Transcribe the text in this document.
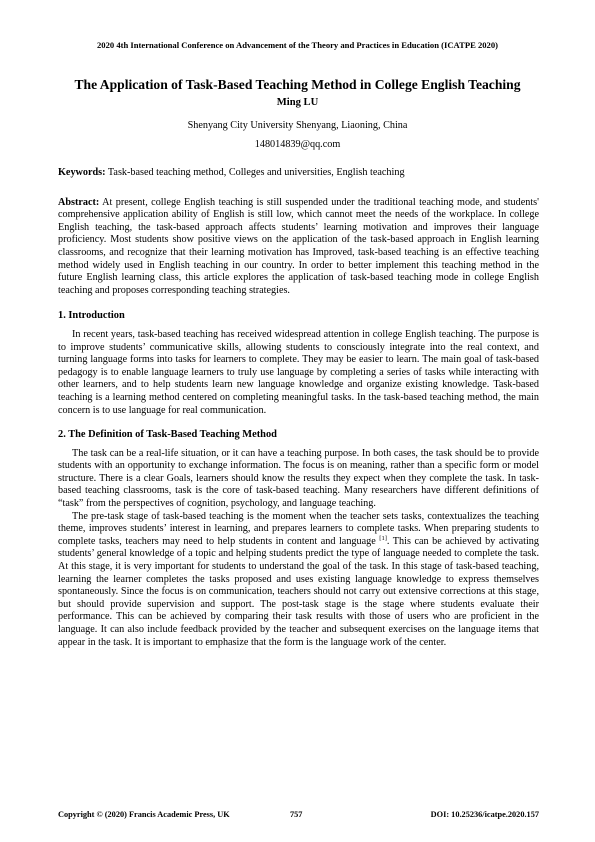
2020 4th International Conference on Advancement of the Theory and Practices in Education (ICATPE 2020)
The Application of Task-Based Teaching Method in College English Teaching
Ming LU
Shenyang City University Shenyang, Liaoning, China
148014839@qq.com

Keywords: Task-based teaching method, Colleges and universities, English teaching

Abstract: At present, college English teaching is still suspended under the traditional teaching mode, and students' comprehensive application ability of English is still low, which cannot meet the needs of the workplace. In college English teaching, the task-based approach affects students’ learning motivation and improves their language proficiency. Most students show positive views on the application of the task-based approach in English learning classrooms, and recognize that their learning motivation has Improved, task-based teaching is an effective teaching method widely used in English teaching in our country. In order to better implement this teaching method in the future English learning class, this article explores the application of task-based teaching mode in college English teaching and proposes corresponding teaching strategies.

1. Introduction

In recent years, task-based teaching has received widespread attention in college English teaching. The purpose is to improve students’ communicative skills, allowing students to consciously integrate into the real context, and turning language forms into tasks for learners to complete. They may be easier to learn. The main goal of task-based pedagogy is to enable language learners to truly use language by completing a series of tasks while interacting with other learners, and to help students learn new language knowledge and organize existing knowledge. Task-based teaching is a learning method centered on completing meaningful tasks. In the task-based teaching method, the main concern is to use language for real communication.

2. The Definition of Task-Based Teaching Method

The task can be a real-life situation, or it can have a teaching purpose. In both cases, the task should be to provide students with an opportunity to exchange information. The focus is on meaning, rather than a specific form or model structure. There is a clear Goals, learners should know the results they expect when they complete the task. In task-based teaching classrooms, task is the core of task-based teaching. Many researchers have different definitions of “task” from the perspectives of cognition, psychology, and language teaching.

The pre-task stage of task-based teaching is the moment when the teacher sets tasks, contextualizes the teaching theme, improves students’ interest in learning, and prepares learners to complete tasks. When preparing students to complete tasks, teachers may need to help students in content and language [1]. This can be achieved by activating students’ general knowledge of a topic and helping students predict the type of language needed to complete the task. At this stage, it is very important for students to understand the goal of the task. In this stage of task-based teaching, learning the learner completes the tasks proposed and uses existing language knowledge to express themselves spontaneously. Since the focus is on communication, teachers should not carry out extensive corrections at this stage, but should provide supervision and support. The post-task stage is the stage where students evaluate their performance. This can be achieved by comparing their task results with those of users who are proficient in the language. It can also include feedback provided by the teacher and subsequent exercises on the language items that appear in the task. It is important to emphasize that the form is the language work of the center.

Copyright © (2020) Francis Academic Press, UK	757	DOI: 10.25236/icatpe.2020.157
